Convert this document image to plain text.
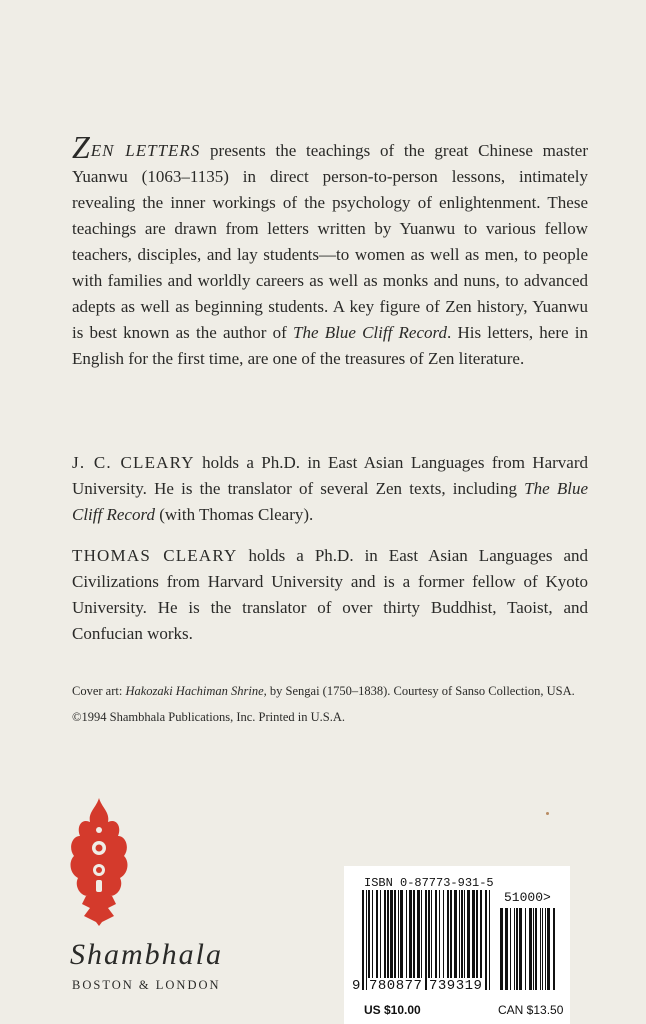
ZEN LETTERS presents the teachings of the great Chinese master Yuanwu (1063–1135) in direct person-to-person lessons, intimately revealing the inner workings of the psychology of enlightenment. These teachings are drawn from letters written by Yuanwu to various fellow teachers, disciples, and lay students—to women as well as men, to people with families and worldly careers as well as monks and nuns, to advanced adepts as well as beginning students. A key figure of Zen history, Yuanwu is best known as the author of The Blue Cliff Record. His letters, here in English for the first time, are one of the treasures of Zen literature.
J. C. CLEARY holds a Ph.D. in East Asian Languages from Harvard University. He is the translator of several Zen texts, including The Blue Cliff Record (with Thomas Cleary).
THOMAS CLEARY holds a Ph.D. in East Asian Languages and Civilizations from Harvard University and is a former fellow of Kyoto University. He is the translator of over thirty Buddhist, Taoist, and Confucian works.
Cover art: Hakozaki Hachiman Shrine, by Sengai (1750–1838). Courtesy of Sanso Collection, USA.
©1994 Shambhala Publications, Inc. Printed in U.S.A.
Shambhala
BOSTON & LONDON
ISBN 0-87773-931-5
51000>
9 780877 739319
US $10.00	CAN $13.50
